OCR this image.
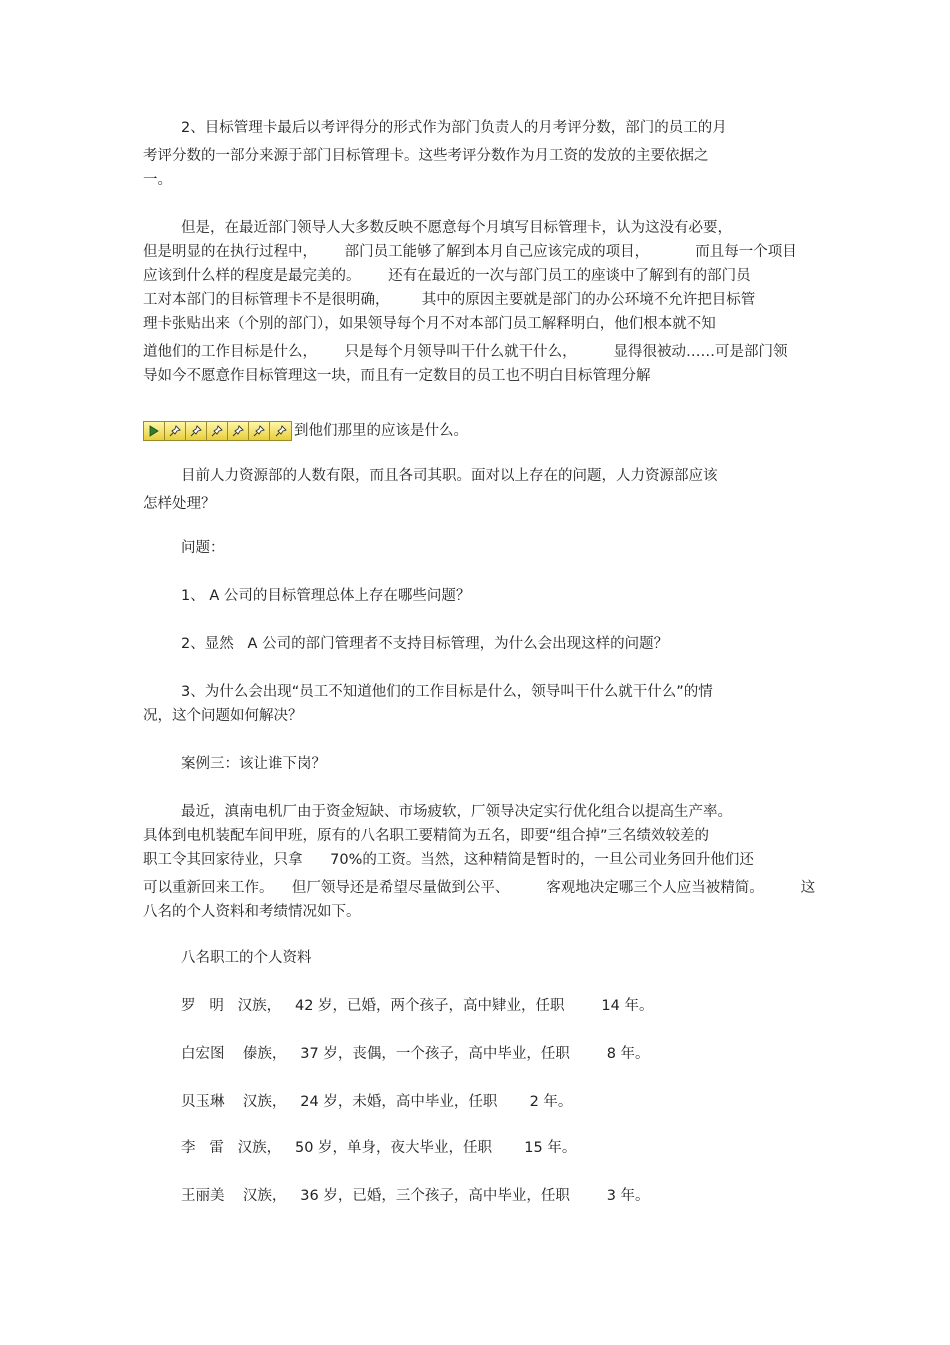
2、目标管理卡最后以考评得分的形式作为部门负责人的月考评分数，部门的员工的月
考评分数的一部分来源于部门目标管理卡。这些考评分数作为月工资的发放的主要依据之
一。
但是，在最近部门领导人大多数反映不愿意每个月填写目标管理卡，认为这没有必要，
但是明显的在执行过程中，      部门员工能够了解到本月自己应该完成的项目，          而且每一个项目
应该到什么样的程度是最完美的。      还有在最近的一次与部门员工的座谈中了解到有的部门员
工对本部门的目标管理卡不是很明确，       其中的原因主要就是部门的办公环境不允许把目标管
理卡张贴出来（个别的部门），如果领导每个月不对本部门员工解释明白，他们根本就不知
道他们的工作目标是什么，      只是每个月领导叫干什么就干什么，        显得很被动……可是部门领
导如今不愿意作目标管理这一块，而且有一定数目的员工也不明白目标管理分解
到他们那里的应该是什么。
目前人力资源部的人数有限，而且各司其职。面对以上存在的问题，人力资源部应该
怎样处理？
问题：
1、 A 公司的目标管理总体上存在哪些问题？
2、显然   A 公司的部门管理者不支持目标管理，为什么会出现这样的问题？
3、为什么会出现“员工不知道他们的工作目标是什么，领导叫干什么就干什么”的情
况，这个问题如何解决？
案例三：该让谁下岗？
最近，滇南电机厂由于资金短缺、市场疲软，厂领导决定实行优化组合以提高生产率。
具体到电机装配车间甲班，原有的八名职工要精简为五名，即要“组合掉”三名绩效较差的
职工令其回家待业，只拿      70%的工资。当然，这种精简是暂时的，一旦公司业务回升他们还
可以重新回来工作。    但厂领导还是希望尽量做到公平、        客观地决定哪三个人应当被精简。        这
八名的个人资料和考绩情况如下。
八名职工的个人资料
罗   明   汉族，   42 岁，已婚，两个孩子，高中肄业，任职        14 年。
白宏图    傣族，   37 岁，丧偶，一个孩子，高中毕业，任职        8 年。
贝玉琳    汉族，   24 岁，未婚，高中毕业，任职       2 年。
李   雷   汉族，   50 岁，单身，夜大毕业，任职       15 年。
王丽美    汉族，   36 岁，已婚，三个孩子，高中毕业，任职        3 年。
